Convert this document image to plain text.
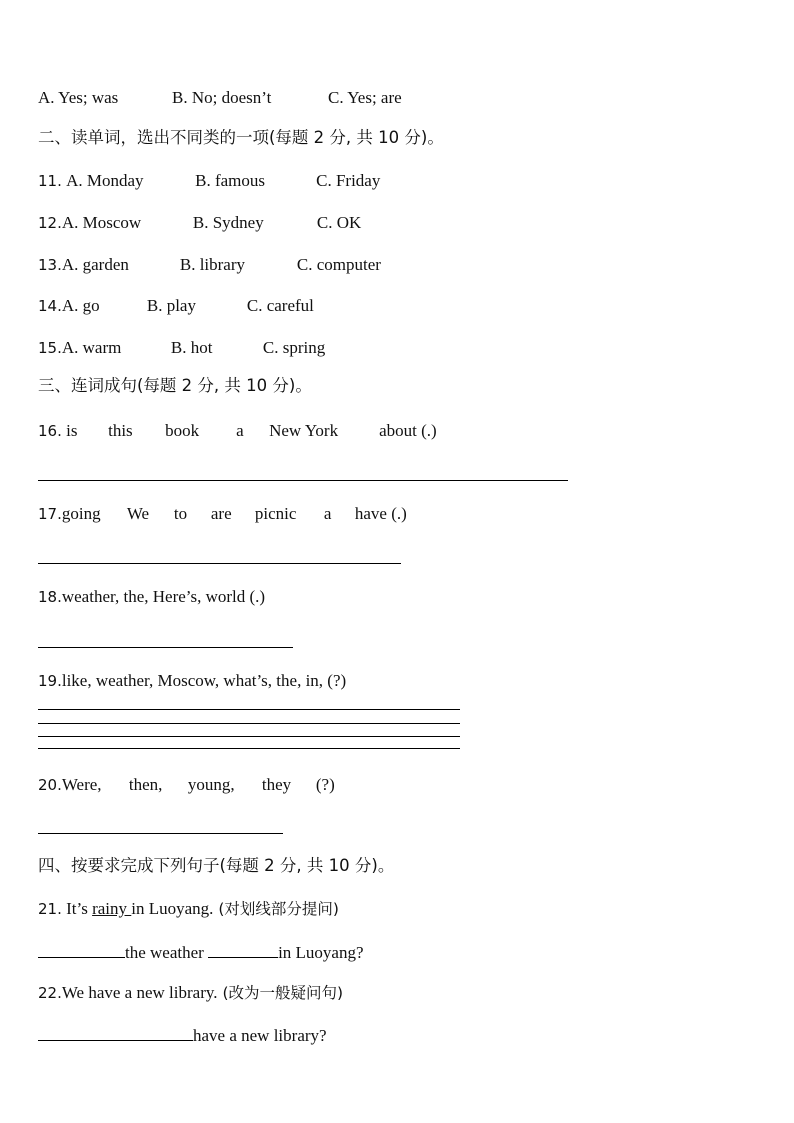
A. Yes; was	B. No; doesn’t	C. Yes; are
二、读单词，选出不同类的一项(每题 2 分, 共 10 分)。
11. A. Monday	B. famous	C. Friday
12.A. Moscow	B. Sydney	C. OK
13.A. garden	B. library	C. computer
14.A. go	B. play	C. careful
15.A. warm	B. hot	C. spring
三、连词成句(每题 2 分, 共 10 分)。
16. is this book a New York about (.)
17.going We to are picnic a have (.)
18.weather, the, Here’s, world (.)
19.like, weather, Moscow, what’s, the, in, (?)
20.Were, then, young, they (?)
四、按要求完成下列句子(每题 2 分, 共 10 分)。
21. It’s rainy in Luoyang. (对划线部分提问)
the weather	in Luoyang?
22.We have a new library. (改为一般疑问句)
have a new library?
